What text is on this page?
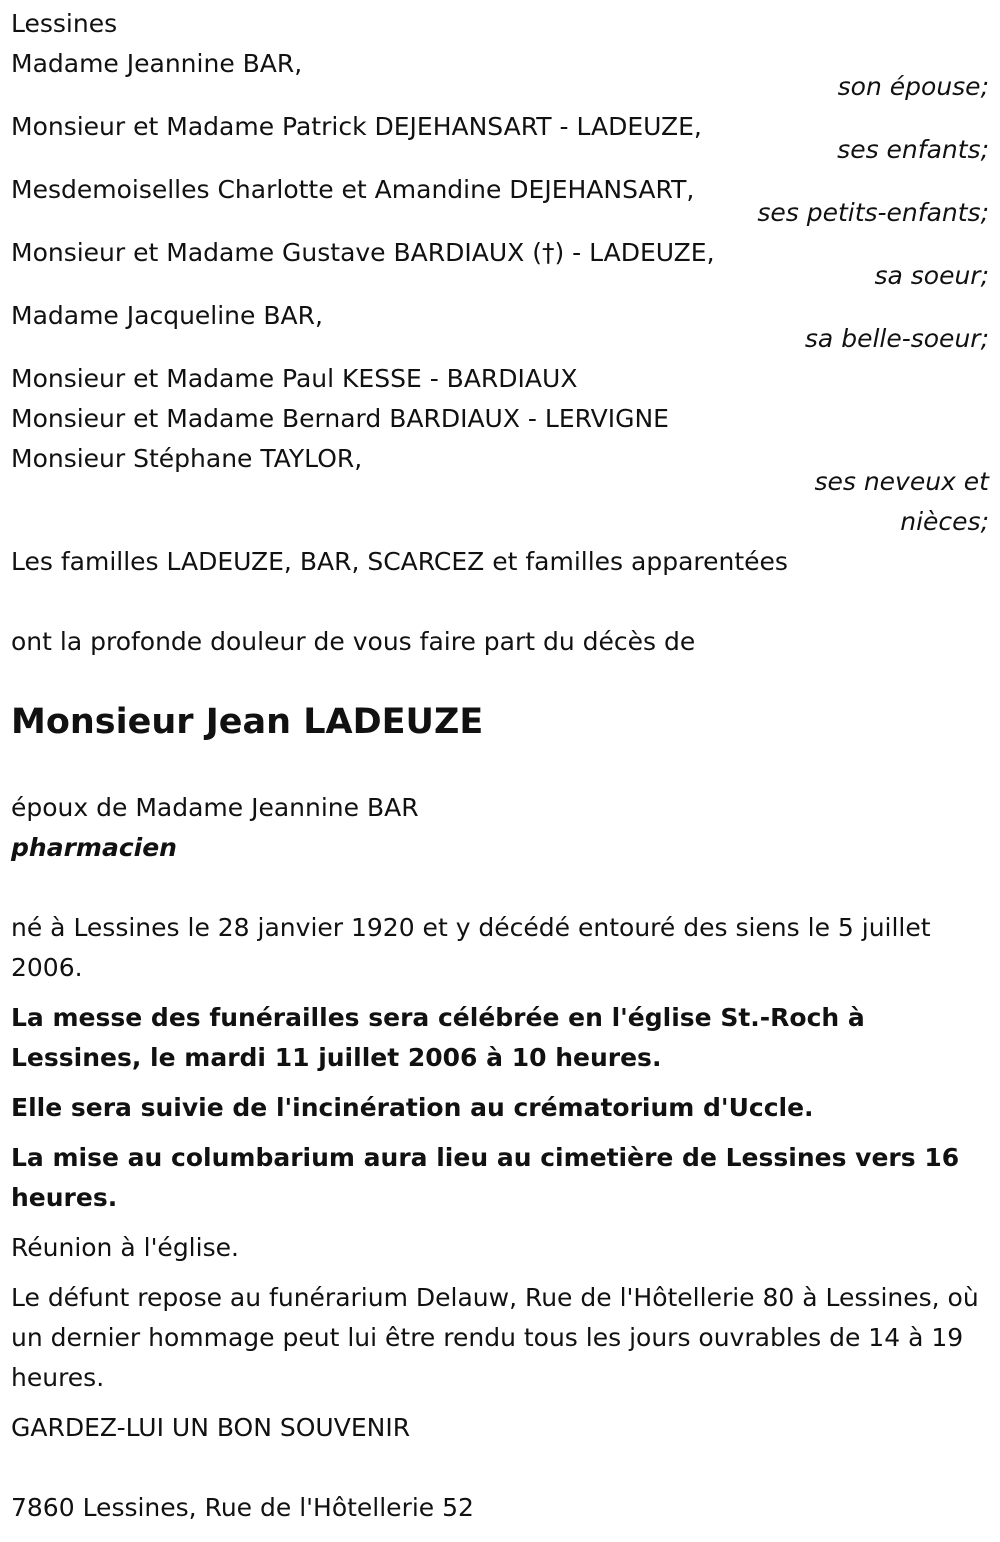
Lessines
Madame Jeannine BAR,
son épouse;
Monsieur et Madame Patrick DEJEHANSART - LADEUZE,
ses enfants;
Mesdemoiselles Charlotte et Amandine DEJEHANSART,
ses petits-enfants;
Monsieur et Madame Gustave BARDIAUX (†) - LADEUZE,
sa soeur;
Madame Jacqueline BAR,
sa belle-soeur;
Monsieur et Madame Paul KESSE - BARDIAUX
Monsieur et Madame Bernard BARDIAUX - LERVIGNE
Monsieur Stéphane TAYLOR,
ses neveux et
nièces;
Les familles LADEUZE, BAR, SCARCEZ et familles apparentées
ont la profonde douleur de vous faire part du décès de
Monsieur Jean LADEUZE
époux de Madame Jeannine BAR
pharmacien
né à Lessines le 28 janvier 1920 et y décédé entouré des siens le 5 juillet 2006.
La messe des funérailles sera célébrée en l'église St.-Roch à Lessines, le mardi 11 juillet 2006 à 10 heures.
Elle sera suivie de l'incinération au crématorium d'Uccle.
La mise au columbarium aura lieu au cimetière de Lessines vers 16 heures.
Réunion à l'église.
Le défunt repose au funérarium Delauw, Rue de l'Hôtellerie 80 à Lessines, où un dernier hommage peut lui être rendu tous les jours ouvrables de 14 à 19 heures.
GARDEZ-LUI UN BON SOUVENIR
7860 Lessines, Rue de l'Hôtellerie 52
